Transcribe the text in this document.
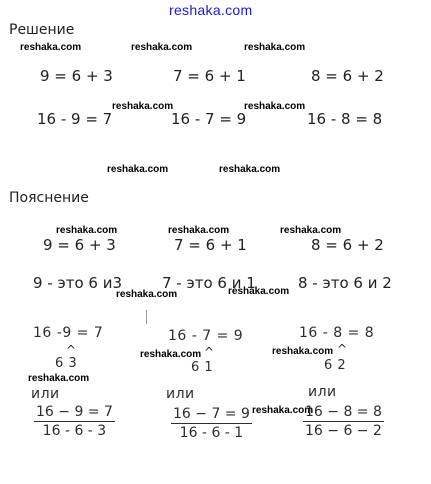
reshaka.com
Решение
reshaka.com	reshaka.com	reshaka.com
9 = 6 + 3	7 = 6 + 1	8 = 6 + 2
reshaka.com	reshaka.com
16 - 9 = 7	16 - 7 = 9	16 - 8 = 8
reshaka.com	reshaka.com
Пояснение
reshaka.com	reshaka.com	reshaka.com
9 = 6 + 3	7 = 6 + 1	8 = 6 + 2
9 - это 6 и3	7 - это 6 и 1	8 - это 6 и 2
reshaka.com	reshaka.com
16 -9 = 7
^
6 3
reshaka.com
или
$\frac{16 - 9 = 7}{16 - 6 - 3}$
16 - 7 = 9
reshaka.com ^
6 1
или
reshaka.com
$\frac{16 - 7 = 9}{16 - 6 - 1}$
16 - 8 = 8
reshaka.com ^
6 2
или
$\frac{16 - 8 = 8}{16 - 6 - 2}$
